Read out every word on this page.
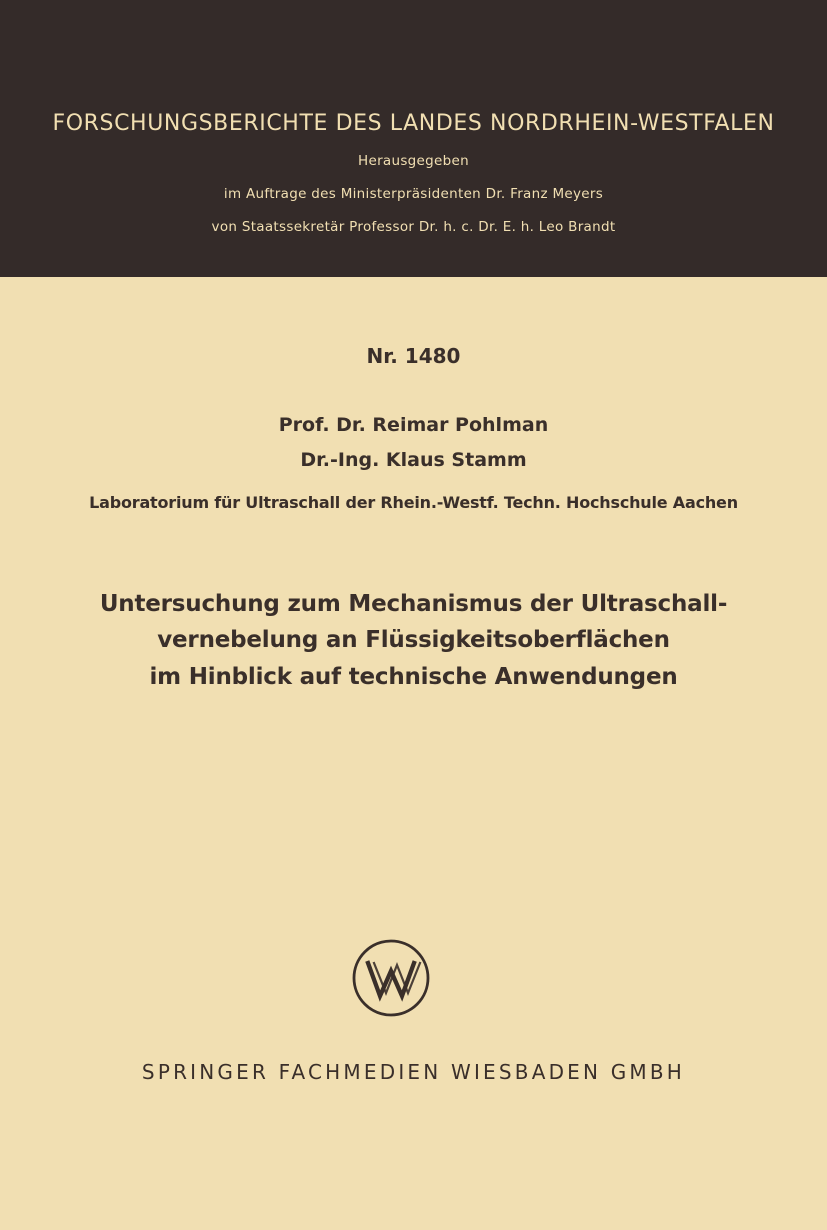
FORSCHUNGSBERICHTE DES LANDES NORDRHEIN-WESTFALEN
Herausgegeben
im Auftrage des Ministerpräsidenten Dr. Franz Meyers
von Staatssekretär Professor Dr. h. c. Dr. E. h. Leo Brandt
Nr. 1480
Prof. Dr. Reimar Pohlman
Dr.-Ing. Klaus Stamm
Laboratorium für Ultraschall der Rhein.-Westf. Techn. Hochschule Aachen
Untersuchung zum Mechanismus der Ultraschall-
vernebelung an Flüssigkeitsoberflächen
im Hinblick auf technische Anwendungen
SPRINGER FACHMEDIEN WIESBADEN GMBH
